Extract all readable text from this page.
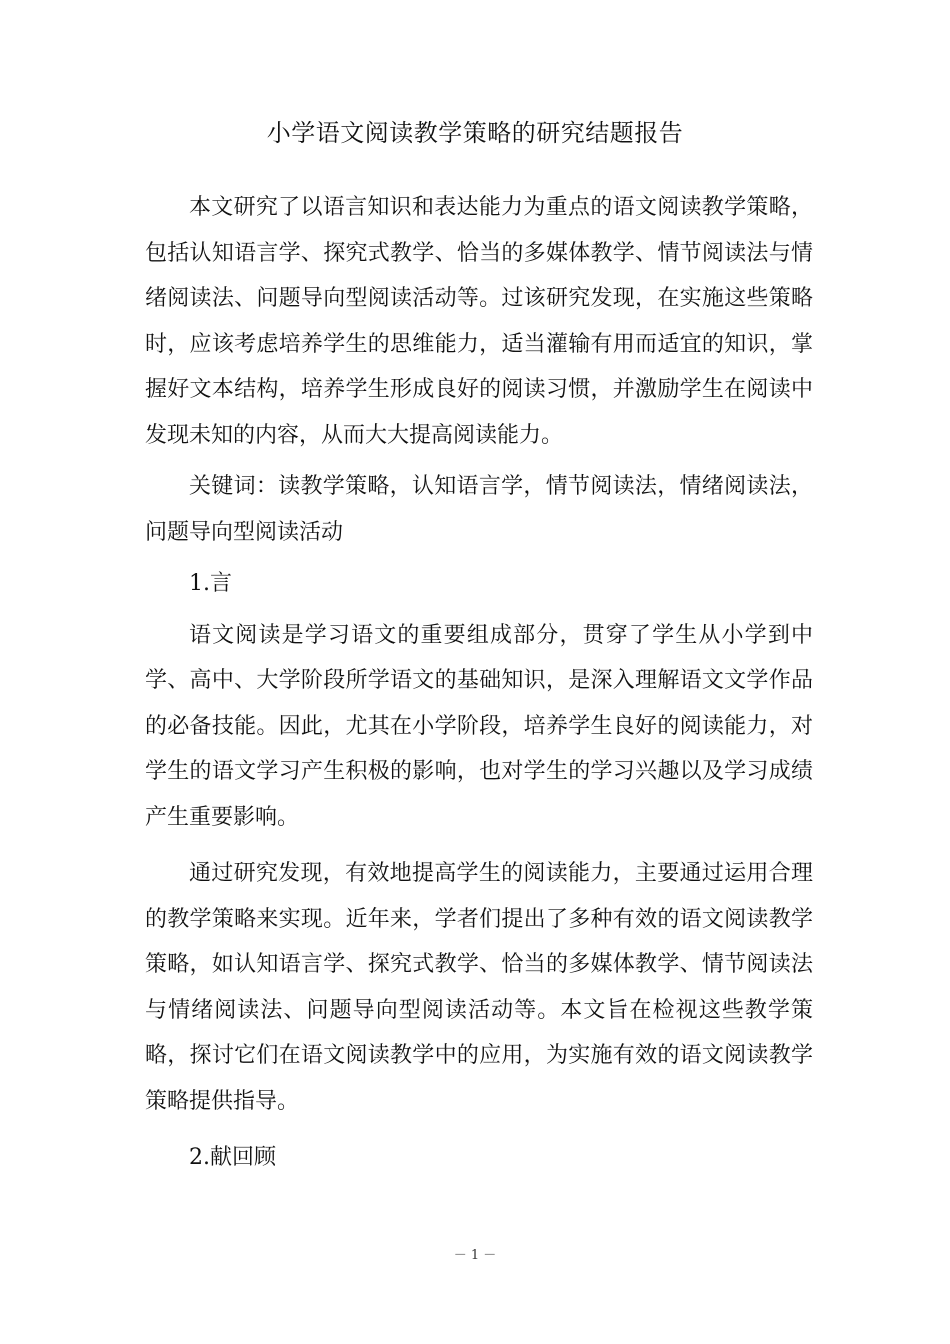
小学语文阅读教学策略的研究结题报告

本文研究了以语言知识和表达能力为重点的语文阅读教学策略，包括认知语言学、探究式教学、恰当的多媒体教学、情节阅读法与情绪阅读法、问题导向型阅读活动等。过该研究发现，在实施这些策略时，应该考虑培养学生的思维能力，适当灌输有用而适宜的知识，掌握好文本结构，培养学生形成良好的阅读习惯，并激励学生在阅读中发现未知的内容，从而大大提高阅读能力。

关键词：读教学策略，认知语言学，情节阅读法，情绪阅读法，问题导向型阅读活动

1.言

语文阅读是学习语文的重要组成部分，贯穿了学生从小学到中学、高中、大学阶段所学语文的基础知识，是深入理解语文文学作品的必备技能。因此，尤其在小学阶段，培养学生良好的阅读能力，对学生的语文学习产生积极的影响，也对学生的学习兴趣以及学习成绩产生重要影响。

通过研究发现，有效地提高学生的阅读能力，主要通过运用合理的教学策略来实现。近年来，学者们提出了多种有效的语文阅读教学策略，如认知语言学、探究式教学、恰当的多媒体教学、情节阅读法与情绪阅读法、问题导向型阅读活动等。本文旨在检视这些教学策略，探讨它们在语文阅读教学中的应用，为实施有效的语文阅读教学策略提供指导。

2.献回顾

－ 1 －
